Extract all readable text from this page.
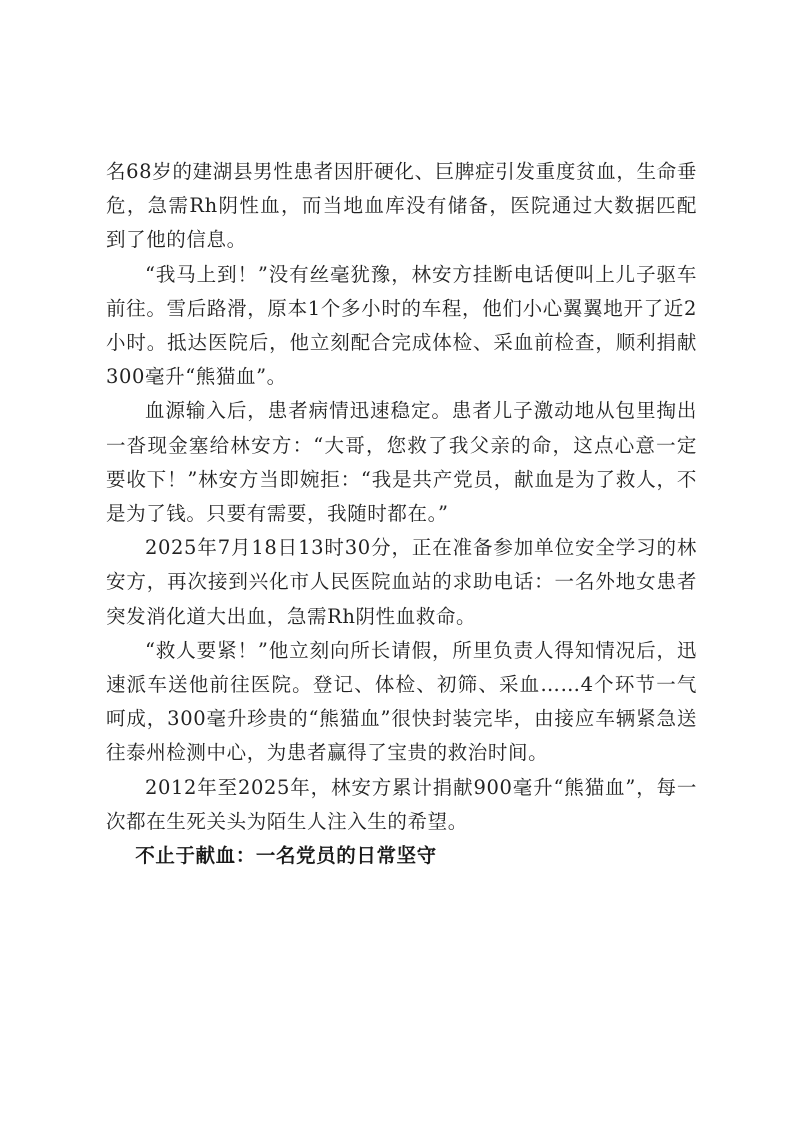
名68岁的建湖县男性患者因肝硬化、巨脾症引发重度贫血，生命垂危，急需Rh阴性血，而当地血库没有储备，医院通过大数据匹配到了他的信息。

“我马上到！”没有丝毫犹豫，林安方挂断电话便叫上儿子驱车前往。雪后路滑，原本1个多小时的车程，他们小心翼翼地开了近2小时。抵达医院后，他立刻配合完成体检、采血前检查，顺利捐献300毫升“熊猫血”。

血源输入后，患者病情迅速稳定。患者儿子激动地从包里掏出一沓现金塞给林安方：“大哥，您救了我父亲的命，这点心意一定要收下！”林安方当即婉拒：“我是共产党员，献血是为了救人，不是为了钱。只要有需要，我随时都在。”

2025年7月18日13时30分，正在准备参加单位安全学习的林安方，再次接到兴化市人民医院血站的求助电话：一名外地女患者突发消化道大出血，急需Rh阴性血救命。

“救人要紧！”他立刻向所长请假，所里负责人得知情况后，迅速派车送他前往医院。登记、体检、初筛、采血……4个环节一气呵成，300毫升珍贵的“熊猫血”很快封装完毕，由接应车辆紧急送往泰州检测中心，为患者赢得了宝贵的救治时间。

2012年至2025年，林安方累计捐献900毫升“熊猫血”，每一次都在生死关头为陌生人注入生的希望。

不止于献血：一名党员的日常坚守
